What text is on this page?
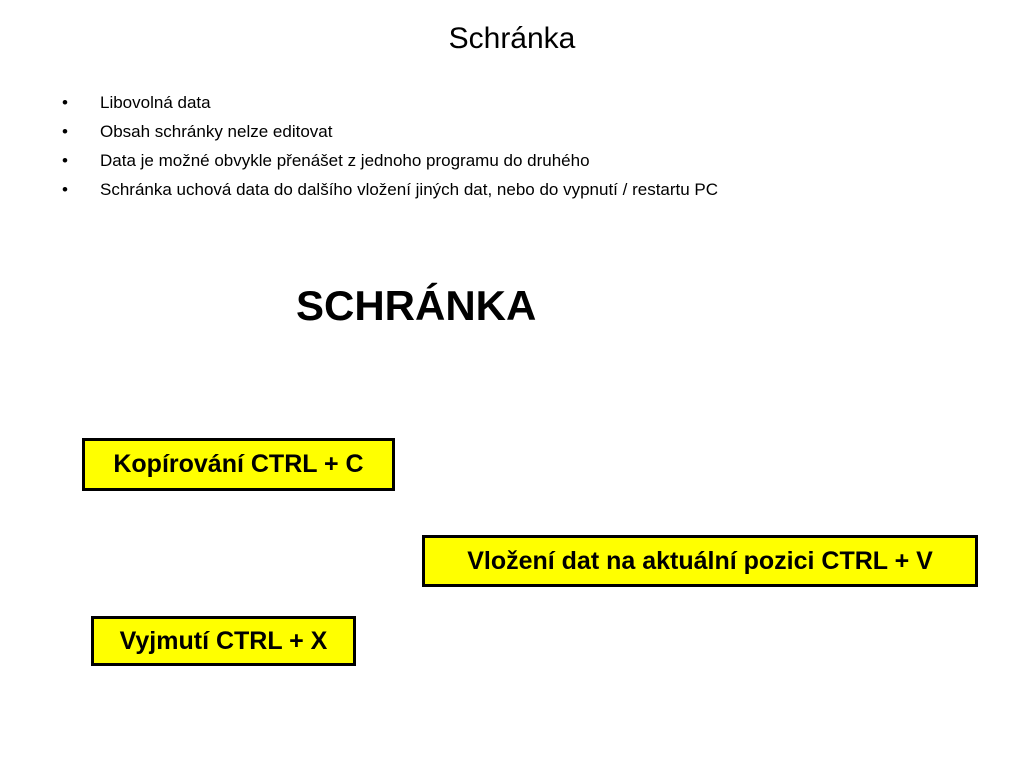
Schránka
• Libovolná data
• Obsah schránky nelze editovat
• Data je možné obvykle přenášet z jednoho programu do druhého
• Schránka uchová data do dalšího vložení jiných dat, nebo do vypnutí / restartu PC
SCHRÁNKA
Kopírování CTRL + C
Vložení dat na aktuální pozici CTRL + V
Vyjmutí CTRL + X
